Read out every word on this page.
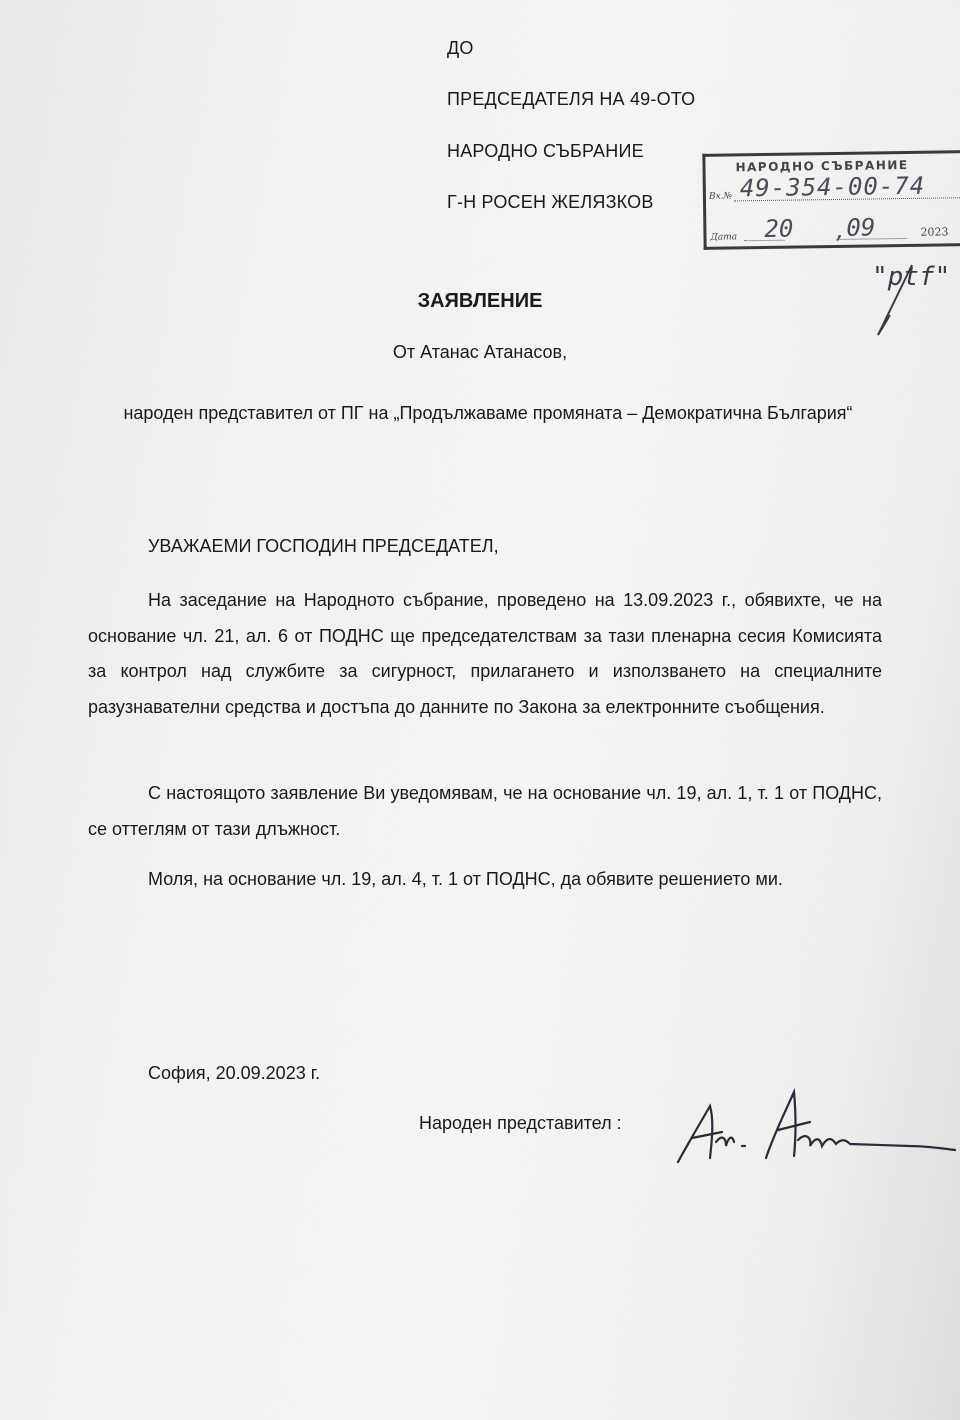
ДО
ПРЕДСЕДАТЕЛЯ НА 49-ОТО
НАРОДНО СЪБРАНИЕ
Г-Н РОСЕН ЖЕЛЯЗКОВ
НАРОДНО СЪБРАНИЕ
Вх.№ 49-354-00-74
Дата 20 , 09	2023
"ptf"
ЗАЯВЛЕНИЕ
От Атанас Атанасов,
народен представител от ПГ на „Продължаваме промяната – Демократична България“
УВАЖАЕМИ ГОСПОДИН ПРЕДСЕДАТЕЛ,

На заседание на Народното събрание, проведено на 13.09.2023 г., обявихте, че на основание чл. 21, ал. 6 от ПОДНС ще председателствам за тази пленарна сесия Комисията за контрол над службите за сигурност, прилагането и използването на специалните разузнавателни средства и достъпа до данните по Закона за електронните съобщения.

С настоящото заявление Ви уведомявам, че на основание чл. 19, ал. 1, т. 1 от ПОДНС, се оттеглям от тази длъжност.

Моля, на основание чл. 19, ал. 4, т. 1 от ПОДНС, да обявите решението ми.

София, 20.09.2023 г.
Народен представител :
